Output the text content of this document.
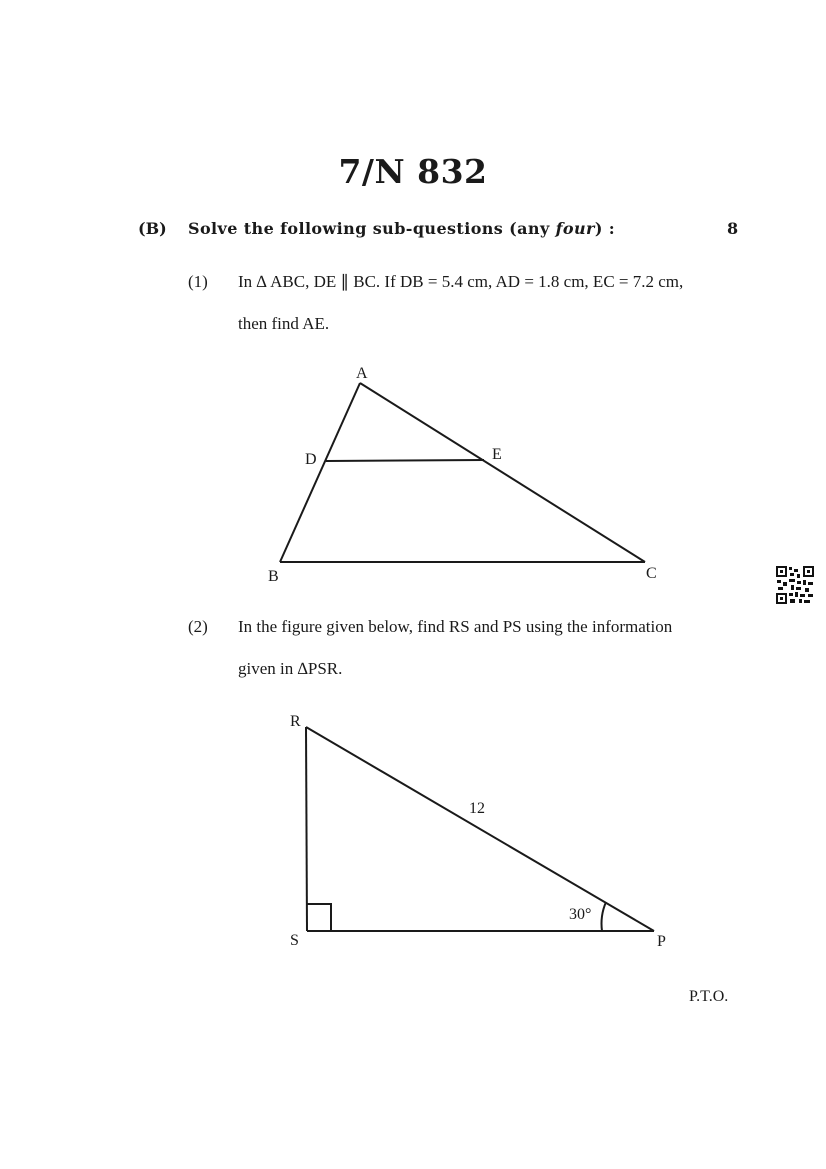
7/N 832
(B) Solve the following sub-questions (any four) :	8
(1) In ∆ ABC, DE ∥ BC. If DB = 5.4 cm, AD = 1.8 cm, EC = 7.2 cm,
then find AE.
A
B	C
D	E
(2) In the figure given below, find RS and PS using the information
given in ∆PSR.
R
S	P
12
30°
P.T.O.
